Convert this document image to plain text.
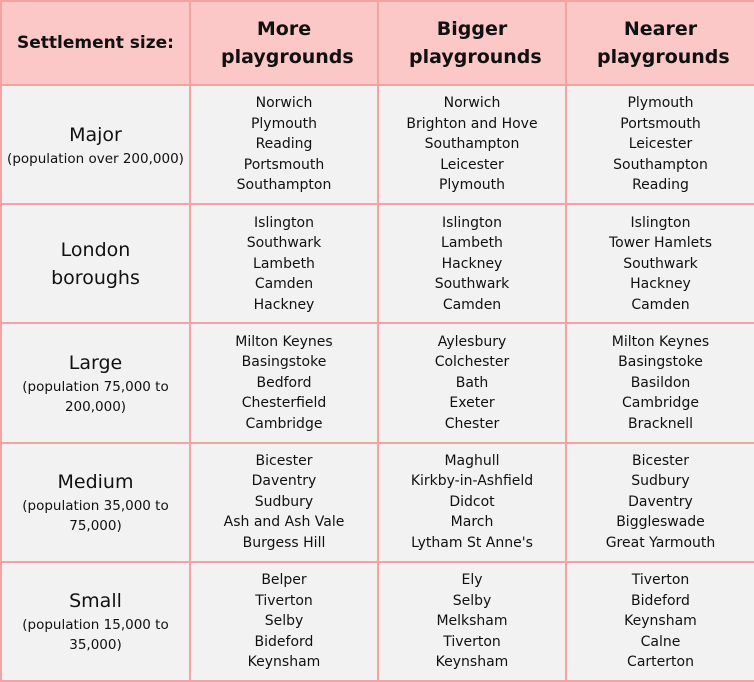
Settlement size:	More playgrounds	Bigger playgrounds	Nearer playgrounds

Major
(population over 200,000)	Norwich
Plymouth
Reading
Portsmouth
Southampton	Norwich
Brighton and Hove
Southampton
Leicester
Plymouth	Plymouth
Portsmouth
Leicester
Southampton
Reading

London boroughs	Islington
Southwark
Lambeth
Camden
Hackney	Islington
Lambeth
Hackney
Southwark
Camden	Islington
Tower Hamlets
Southwark
Hackney
Camden

Large
(population 75,000 to 200,000)	Milton Keynes
Basingstoke
Bedford
Chesterfield
Cambridge	Aylesbury
Colchester
Bath
Exeter
Chester	Milton Keynes
Basingstoke
Basildon
Cambridge
Bracknell

Medium
(population 35,000 to 75,000)	Bicester
Daventry
Sudbury
Ash and Ash Vale
Burgess Hill	Maghull
Kirkby-in-Ashfield
Didcot
March
Lytham St Anne's	Bicester
Sudbury
Daventry
Biggleswade
Great Yarmouth

Small
(population 15,000 to 35,000)	Belper
Tiverton
Selby
Bideford
Keynsham	Ely
Selby
Melksham
Tiverton
Keynsham	Tiverton
Bideford
Keynsham
Calne
Carterton
